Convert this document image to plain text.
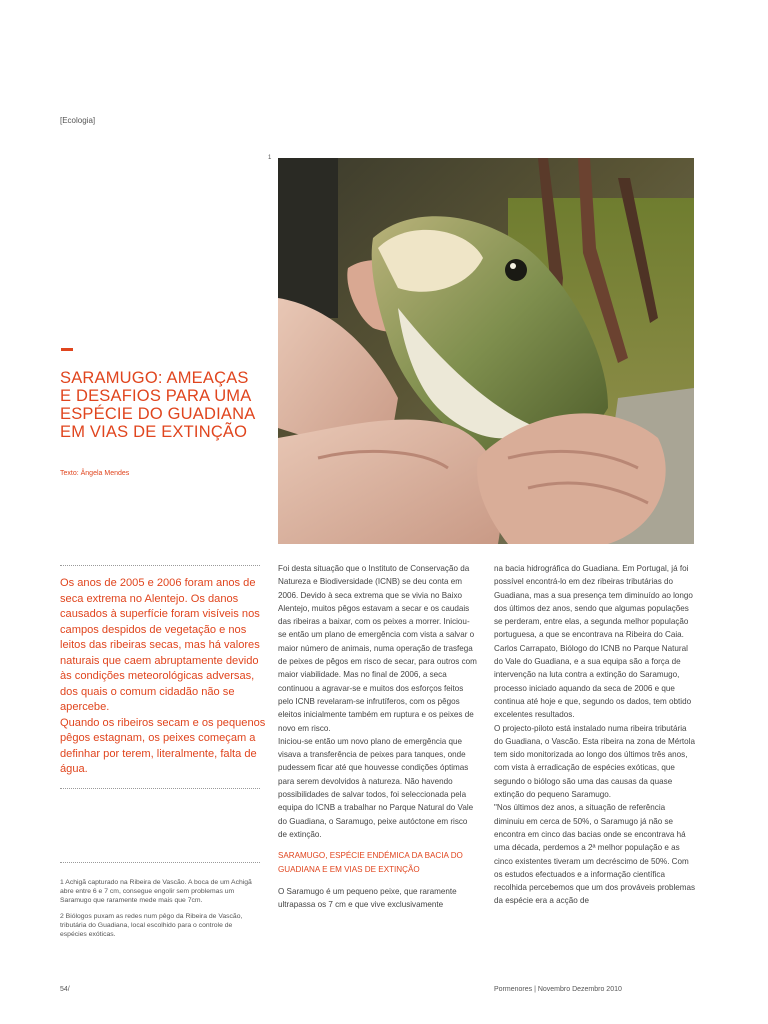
[Ecologia]
1
SARAMUGO: AMEAÇAS
E DESAFIOS PARA UMA
ESPÉCIE DO GUADIANA
EM VIAS DE EXTINÇÃO
Texto: Ângela Mendes

Os anos de 2005 e 2006 foram anos de seca extrema no Alentejo. Os danos causados à superfície foram visíveis nos campos despidos de vegetação e nos leitos das ribeiras secas, mas há valores naturais que caem abruptamente devido às condições meteorológicas adversas, dos quais o comum cidadão não se apercebe.

Quando os ribeiros secam e os pequenos pêgos estagnam, os peixes começam a definhar por terem, literalmente, falta de água.

1 Achigã capturado na Ribeira de Vascão. A boca de um Achigã abre entre 6 e 7 cm, consegue engolir sem problemas um Saramugo que raramente mede mais que 7cm.

2 Biólogos puxam as redes num pêgo da Ribeira de Vascão, tributária do Guadiana, local escolhido para o controle de espécies exóticas.

Foi desta situação que o Instituto de Conservação da Natureza e Biodiversidade (ICNB) se deu conta em 2006. Devido à seca extrema que se vivia no Baixo Alentejo, muitos pêgos estavam a secar e os caudais das ribeiras a baixar, com os peixes a morrer. Iniciou-se então um plano de emergência com vista a salvar o maior número de animais, numa operação de trasfega de peixes de pêgos em risco de secar, para outros com maior viabilidade. Mas no final de 2006, a seca continuou a agravar-se e muitos dos esforços feitos pelo ICNB revelaram-se infrutíferos, com os pêgos eleitos inicialmente também em ruptura e os peixes de novo em risco.

Iniciou-se então um novo plano de emergência que visava a transferência de peixes para tanques, onde pudessem ficar até que houvesse condições óptimas para serem devolvidos à natureza. Não havendo possibilidades de salvar todos, foi seleccionada pela equipa do ICNB a trabalhar no Parque Natural do Vale do Guadiana, o Saramugo, peixe autóctone em risco de extinção.

SARAMUGO, ESPÉCIE ENDÉMICA DA BACIA DO GUADIANA E EM VIAS DE EXTINÇÃO

O Saramugo é um pequeno peixe, que raramente ultrapassa os 7 cm e que vive exclusivamente

na bacia hidrográfica do Guadiana. Em Portugal, já foi possível encontrá-lo em dez ribeiras tributárias do Guadiana, mas a sua presença tem diminuído ao longo dos últimos dez anos, sendo que algumas populações se perderam, entre elas, a segunda melhor população portuguesa, a que se encontrava na Ribeira do Caia.

Carlos Carrapato, Biólogo do ICNB no Parque Natural do Vale do Guadiana, e a sua equipa são a força de intervenção na luta contra a extinção do Saramugo, processo iniciado aquando da seca de 2006 e que continua até hoje e que, segundo os dados, tem obtido excelentes resultados.

O projecto-piloto está instalado numa ribeira tributária do Guadiana, o Vascão. Esta ribeira na zona de Mértola tem sido monitorizada ao longo dos últimos três anos, com vista à erradicação de espécies exóticas, que segundo o biólogo são uma das causas da quase extinção do pequeno Saramugo.

"Nos últimos dez anos, a situação de referência diminuiu em cerca de 50%, o Saramugo já não se encontra em cinco das bacias onde se encontrava há uma década, perdemos a 2ª melhor população e as cinco existentes tiveram um decréscimo de 50%. Com os estudos efectuados e a informação científica recolhida percebemos que um dos prováveis problemas da espécie era a acção de

54/	Pormenores | Novembro Dezembro 2010
